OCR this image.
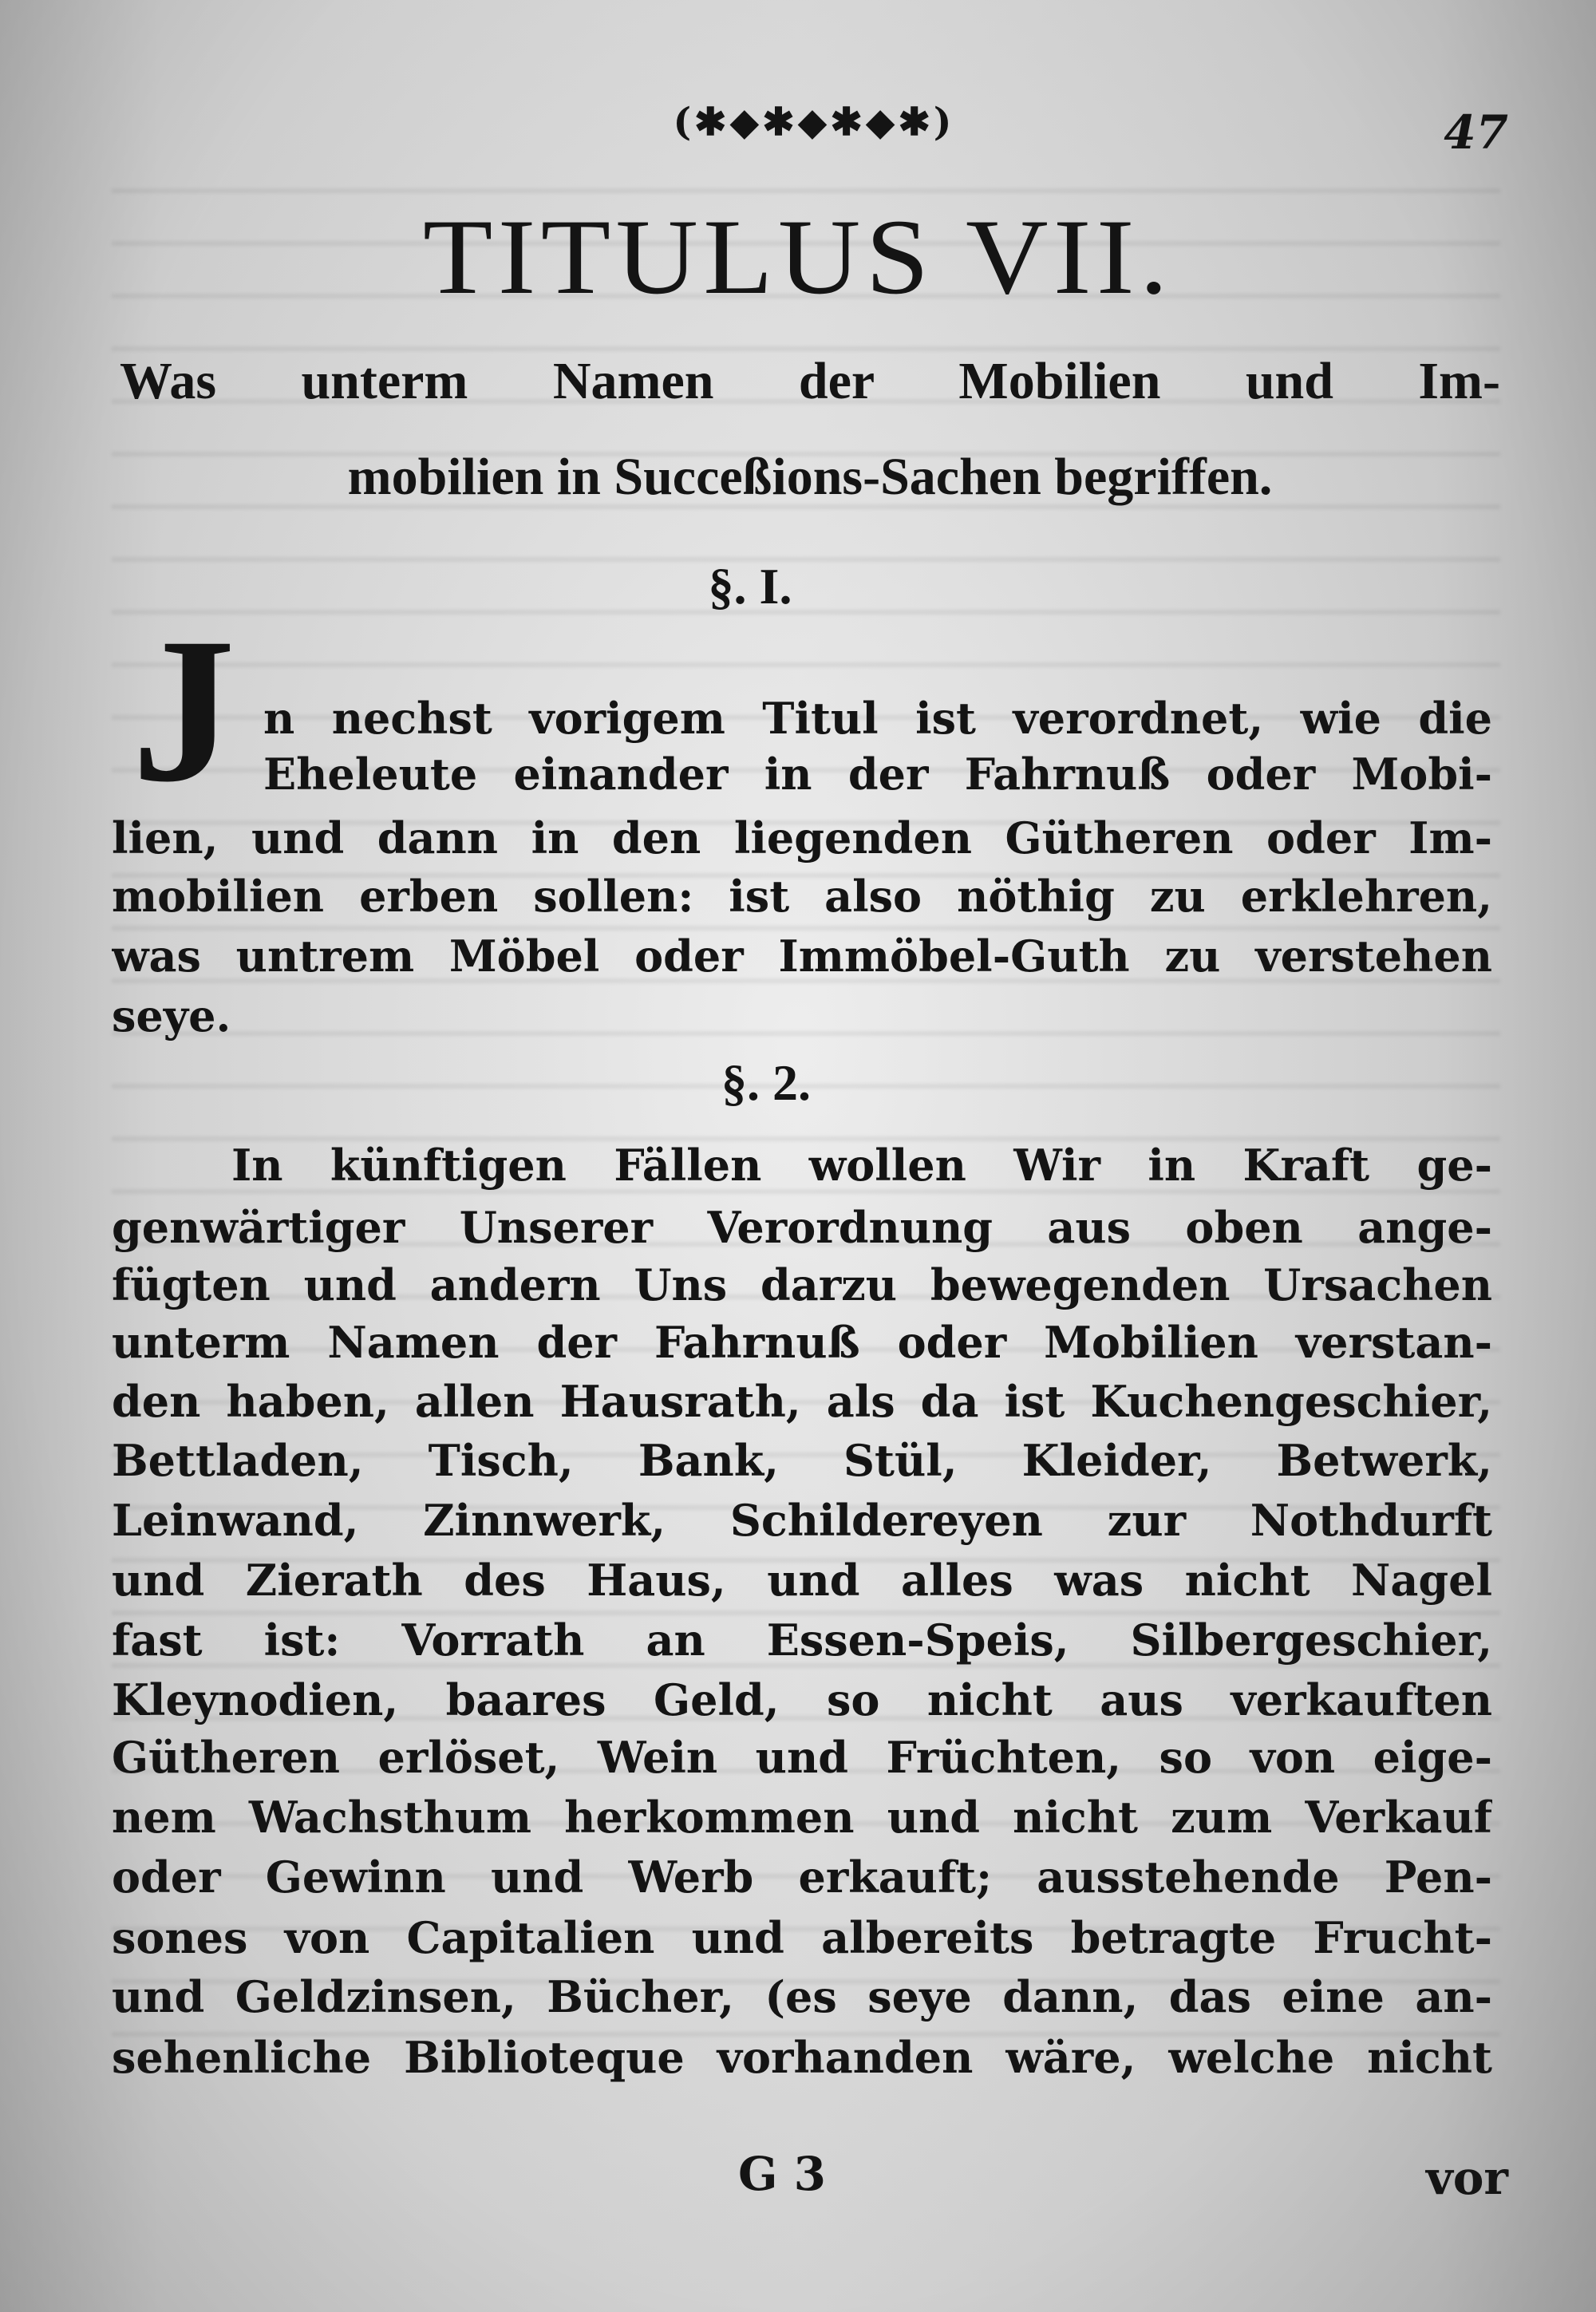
(✱◆✱◆✱◆✱)	47
TITULUS VII.
Was unterm Namen der Mobilien und Im-
mobilien in Succeßions-Sachen begriffen.
§. I.
J n nechst vorigem Titul ist verordnet, wie die
Eheleute einander in der Fahrnuß oder Mobi-
lien, und dann in den liegenden Gütheren oder Im-
mobilien erben sollen: ist also nöthig zu erklehren,
was untrem Möbel oder Immöbel-Guth zu verstehen
seye.
§. 2.
In künftigen Fällen wollen Wir in Kraft ge-
genwärtiger Unserer Verordnung aus oben ange-
fügten und andern Uns darzu bewegenden Ursachen
unterm Namen der Fahrnuß oder Mobilien verstan-
den haben, allen Hausrath, als da ist Kuchengeschier,
Bettladen, Tisch, Bank, Stül, Kleider, Betwerk,
Leinwand, Zinnwerk, Schildereyen zur Nothdurft
und Zierath des Haus, und alles was nicht Nagel
fast ist: Vorrath an Essen-Speis, Silbergeschier,
Kleynodien, baares Geld, so nicht aus verkauften
Gütheren erlöset, Wein und Früchten, so von eige-
nem Wachsthum herkommen und nicht zum Verkauf
oder Gewinn und Werb erkauft; ausstehende Pen-
sones von Capitalien und albereits betragte Frucht-
und Geldzinsen, Bücher, (es seye dann, das eine an-
sehenliche Biblioteque vorhanden wäre, welche nicht
G 3	vor
